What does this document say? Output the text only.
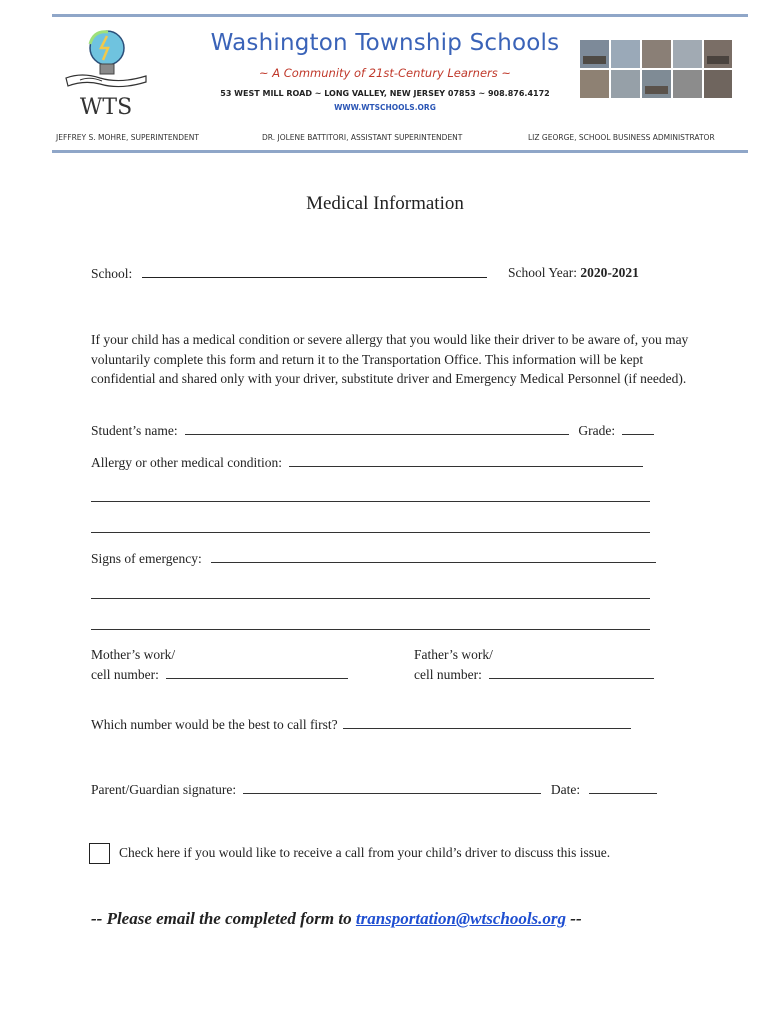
WTS
Washington Township Schools
~ A Community of 21st-Century Learners ~
53 WEST MILL ROAD ~ LONG VALLEY, NEW JERSEY 07853 ~ 908.876.4172
WWW.WTSCHOOLS.ORG
JEFFREY S. MOHRE, SUPERINTENDENT	DR. JOLENE BATTITORI, ASSISTANT SUPERINTENDENT	LIZ GEORGE, SCHOOL BUSINESS ADMINISTRATOR
Medical Information
School:	School Year: 2020-2021
If your child has a medical condition or severe allergy that you would like their driver to be aware of, you may voluntarily complete this form and return it to the Transportation Office. This information will be kept confidential and shared only with your driver, substitute driver and Emergency Medical Personnel (if needed).
Student’s name:	Grade:
Allergy or other medical condition:
Signs of emergency:
Mother’s work/
cell number:
Father’s work/
cell number:
Which number would be the best to call first?
Parent/Guardian signature:	Date:
Check here if you would like to receive a call from your child’s driver to discuss this issue.
-- Please email the completed form to transportation@wtschools.org --
